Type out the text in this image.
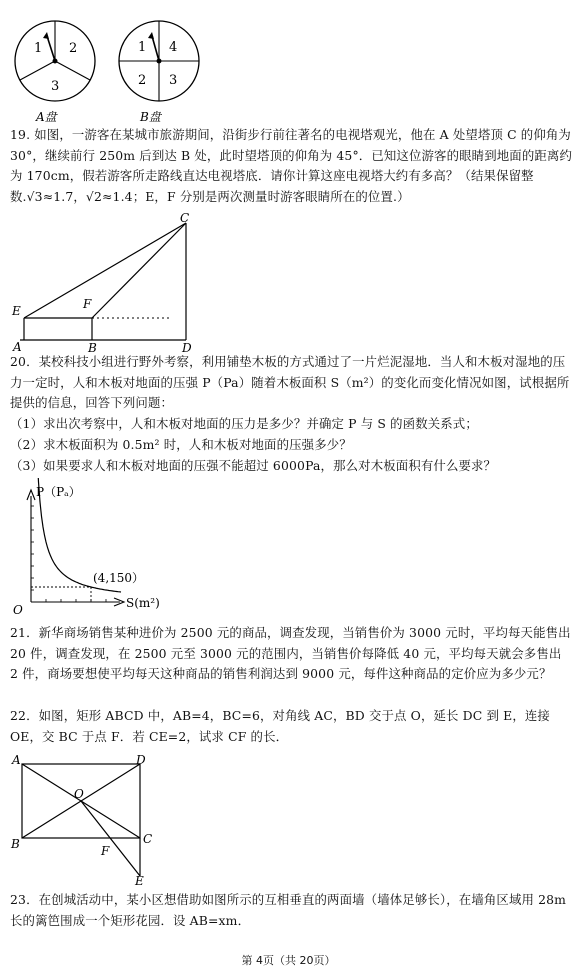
1 2
3
A盘
1 4
2 3
B盘

19. 如图，一游客在某城市旅游期间，沿街步行前往著名的电视塔观光，他在 A 处望塔顶 C 的仰角为 30°，继续前行 250m 后到达 B 处，此时望塔顶的仰角为 45°．已知这位游客的眼睛到地面的距离约为 170cm，假若游客所走路线直达电视塔底．请你计算这座电视塔大约有多高？（结果保留整数.√3≈1.7，√2≈1.4；E，F 分别是两次测量时游客眼睛所在的位置.）

C
E	F
A	B	D

20．某校科技小组进行野外考察，利用铺垫木板的方式通过了一片烂泥湿地．当人和木板对湿地的压力一定时，人和木板对地面的压强 P（Pa）随着木板面积 S（m²）的变化而变化情况如图，试根据所提供的信息，回答下列问题：

（1）求出次考察中，人和木板对地面的压力是多少？并确定 P 与 S 的函数关系式；

（2）求木板面积为 0.5m² 时，人和木板对地面的压强多少？

（3）如果要求人和木板对地面的压强不能超过 6000Pa，那么对木板面积有什么要求？

P（Pₐ）
S(m²)
O
(4,150）

21．新华商场销售某种进价为 2500 元的商品，调查发现，当销售价为 3000 元时，平均每天能售出 20 件，调查发现，在 2500 元至 3000 元的范围内，当销售价每降低 40 元，平均每天就会多售出 2 件，商场要想使平均每天这种商品的销售利润达到 9000 元，每件这种商品的定价应为多少元？

22．如图，矩形 ABCD 中，AB=4，BC=6，对角线 AC，BD 交于点 O，延长 DC 到 E，连接 OE，交 BC 于点 F．若 CE=2，试求 CF 的长．

A	D
O
B	C
F
E

23．在创城活动中，某小区想借助如图所示的互相垂直的两面墙（墙体足够长），在墙角区域用 28m 长的篱笆围成一个矩形花园．设 AB=xm．

第 4页（共 20页）
